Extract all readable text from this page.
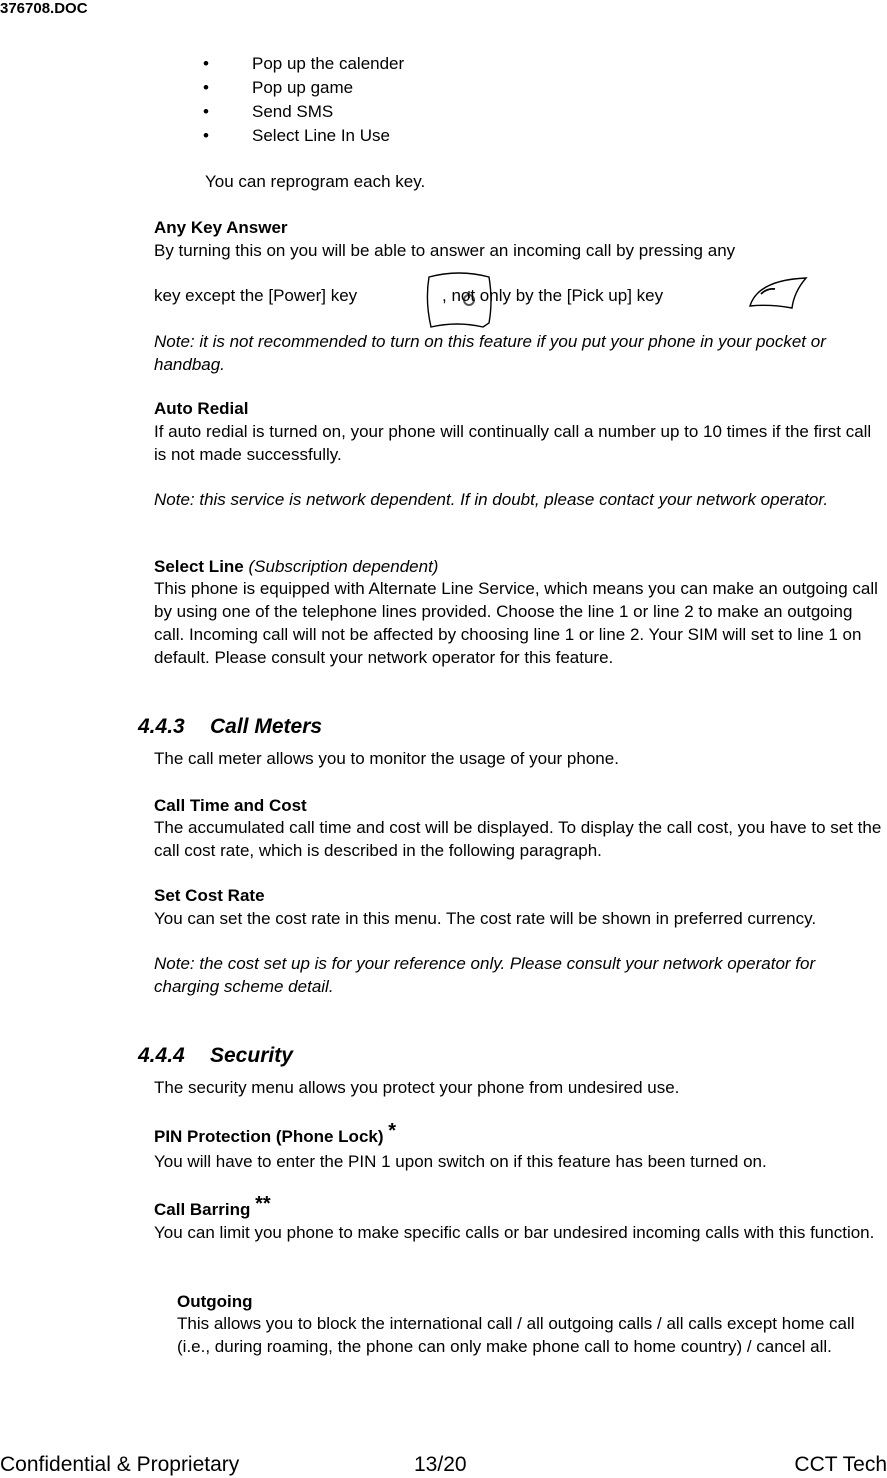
376708.DOC
•	Pop up the calender
•	Pop up game
•	Send SMS
•	Select Line In Use
You can reprogram each key.
Any Key Answer
By turning this on you will be able to answer an incoming call by pressing any
key except the [Power] key	, not only by the [Pick up] key
Note: it is not recommended to turn on this feature if you put your phone in your pocket or handbag.
Auto Redial
If auto redial is turned on, your phone will continually call a number up to 10 times if the first call is not made successfully.
Note: this service is network dependent. If in doubt, please contact your network operator.
Select Line (Subscription dependent)
This phone is equipped with Alternate Line Service, which means you can make an outgoing call by using one of the telephone lines provided. Choose the line 1 or line 2 to make an outgoing call. Incoming call will not be affected by choosing line 1 or line 2. Your SIM will set to line 1 on default. Please consult your network operator for this feature.
4.4.3 Call Meters
The call meter allows you to monitor the usage of your phone.
Call Time and Cost
The accumulated call time and cost will be displayed. To display the call cost, you have to set the call cost rate, which is described in the following paragraph.
Set Cost Rate
You can set the cost rate in this menu. The cost rate will be shown in preferred currency.
Note: the cost set up is for your reference only. Please consult your network operator for charging scheme detail.
4.4.4 Security
The security menu allows you protect your phone from undesired use.
PIN Protection (Phone Lock) *
You will have to enter the PIN 1 upon switch on if this feature has been turned on.
Call Barring **
You can limit you phone to make specific calls or bar undesired incoming calls with this function.
Outgoing
This allows you to block the international call / all outgoing calls / all calls except home call (i.e., during roaming, the phone can only make phone call to home country) / cancel all.
Confidential & Proprietary	13/20	CCT Tech
